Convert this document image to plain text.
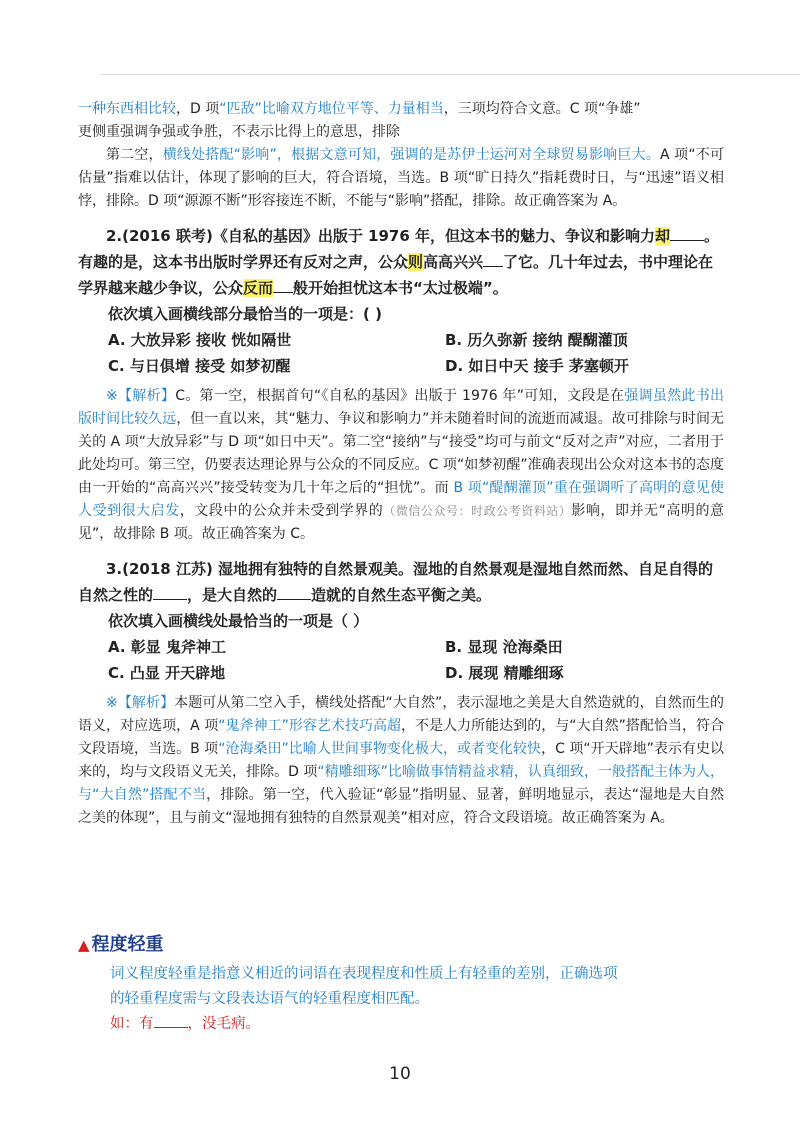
一种东西相比较，D 项“匹敌”比喻双方地位平等、力量相当，三项均符合文意。C 项“争雄”
更侧重强调争强或争胜，不表示比得上的意思，排除
第二空，横线处搭配“影响”，根据文意可知，强调的是苏伊士运河对全球贸易影响巨大。A 项“不可估量”指难以估计，体现了影响的巨大，符合语境，当选。B 项“旷日持久”指耗费时日，与“迅速”语义相悖，排除。D 项“源源不断”形容接连不断，不能与“影响”搭配，排除。故正确答案为 A。
2.(2016 联考)《自私的基因》出版于 1976 年，但这本书的魅力、争议和影响力却 。有趣的是，这本书出版时学界还有反对之声，公众则高高兴兴 了它。几十年过去，书中理论在学界越来越少争议，公众反而 般开始担忧这本书“太过极端”。
依次填入画横线部分最恰当的一项是：( )
A. 大放异彩 接收 恍如隔世	B. 历久弥新 接纳 醍醐灌顶
C. 与日俱增 接受 如梦初醒	D. 如日中天 接手 茅塞顿开
※【解析】C。第一空，根据首句“《自私的基因》出版于 1976 年”可知，文段是在强调虽然此书出版时间比较久远，但一直以来，其“魅力、争议和影响力”并未随着时间的流逝而减退。故可排除与时间无关的 A 项“大放异彩”与 D 项“如日中天”。第二空“接纳”与“接受”均可与前文“反对之声”对应，二者用于此处均可。第三空，仍要表达理论界与公众的不同反应。C 项“如梦初醒”准确表现出公众对这本书的态度由一开始的“高高兴兴”接受转变为几十年之后的“担忧”。而 B 项“醍醐灌顶”重在强调听了高明的意见使人受到很大启发，文段中的公众并未受到学界的（微信公众号：时政公考资料站）影响，即并无“高明的意见”，故排除 B 项。故正确答案为 C。
3.(2018 江苏) 湿地拥有独特的自然景观美。湿地的自然景观是湿地自然而然、自足自得的自然之性的 ，是大自然的 造就的自然生态平衡之美。
依次填入画横线处最恰当的一项是（ ）
A. 彰显 鬼斧神工	B. 显现 沧海桑田
C. 凸显 开天辟地	D. 展现 精雕细琢
※【解析】本题可从第二空入手，横线处搭配“大自然”，表示湿地之美是大自然造就的，自然而生的语义，对应选项，A 项“鬼斧神工”形容艺术技巧高超，不是人力所能达到的，与“大自然”搭配恰当，符合文段语境，当选。B 项“沧海桑田”比喻人世间事物变化极大，或者变化较快，C 项“开天辟地”表示有史以来的，均与文段语义无关，排除。D 项“精雕细琢”比喻做事情精益求精，认真细致，一般搭配主体为人，与“大自然”搭配不当，排除。第一空，代入验证“彰显”指明显、显著，鲜明地显示，表达“湿地是大自然之美的体现”，且与前文“湿地拥有独特的自然景观美”相对应，符合文段语境。故正确答案为 A。
▲ 程度轻重
词义程度轻重是指意义相近的词语在表现程度和性质上有轻重的差别，正确选项的轻重程度需与文段表达语气的轻重程度相匹配。
如：有 ，没毛病。
10
